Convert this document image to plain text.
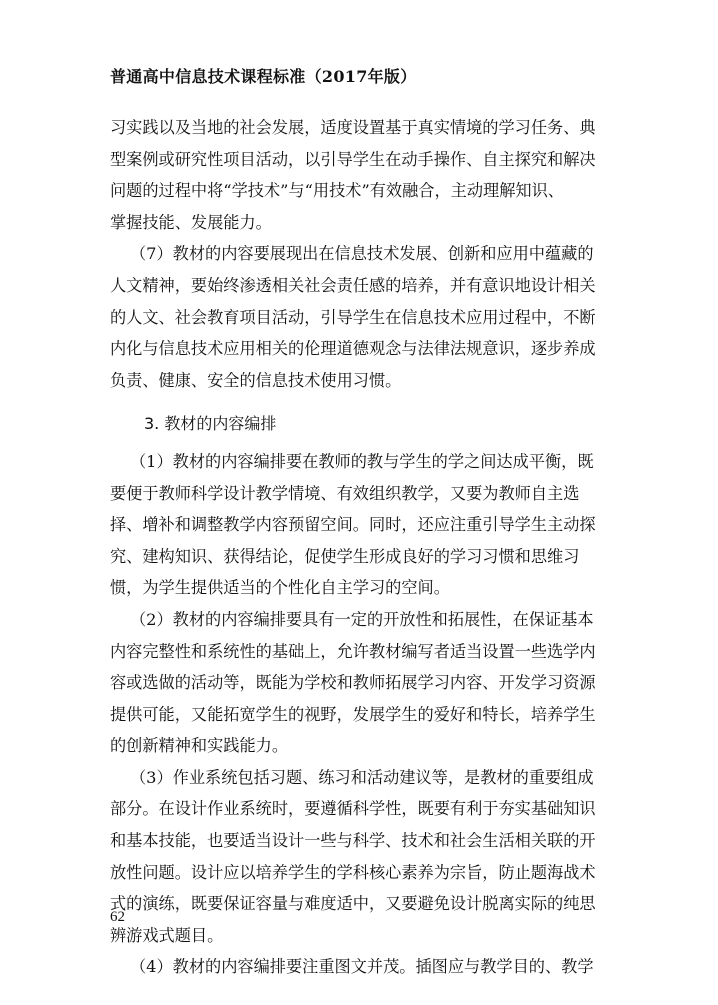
普通高中信息技术课程标准（2017年版）
习实践以及当地的社会发展，适度设置基于真实情境的学习任务、典
型案例或研究性项目活动，以引导学生在动手操作、自主探究和解决
问题的过程中将“学技术”与“用技术”有效融合，主动理解知识、
掌握技能、发展能力。
（7）教材的内容要展现出在信息技术发展、创新和应用中蕴藏的
人文精神，要始终渗透相关社会责任感的培养，并有意识地设计相关
的人文、社会教育项目活动，引导学生在信息技术应用过程中，不断
内化与信息技术应用相关的伦理道德观念与法律法规意识，逐步养成
负责、健康、安全的信息技术使用习惯。
3. 教材的内容编排
（1）教材的内容编排要在教师的教与学生的学之间达成平衡，既
要便于教师科学设计教学情境、有效组织教学，又要为教师自主选
择、增补和调整教学内容预留空间。同时，还应注重引导学生主动探
究、建构知识、获得结论，促使学生形成良好的学习习惯和思维习
惯，为学生提供适当的个性化自主学习的空间。
（2）教材的内容编排要具有一定的开放性和拓展性，在保证基本
内容完整性和系统性的基础上，允许教材编写者适当设置一些选学内
容或选做的活动等，既能为学校和教师拓展学习内容、开发学习资源
提供可能，又能拓宽学生的视野，发展学生的爱好和特长，培养学生
的创新精神和实践能力。
（3）作业系统包括习题、练习和活动建议等，是教材的重要组成
部分。在设计作业系统时，要遵循科学性，既要有利于夯实基础知识
和基本技能，也要适当设计一些与科学、技术和社会生活相关联的开
放性问题。设计应以培养学生的学科核心素养为宗旨，防止题海战术
式的演练，既要保证容量与难度适中，又要避免设计脱离实际的纯思
辨游戏式题目。
（4）教材的内容编排要注重图文并茂。插图应与教学目的、教学
62
